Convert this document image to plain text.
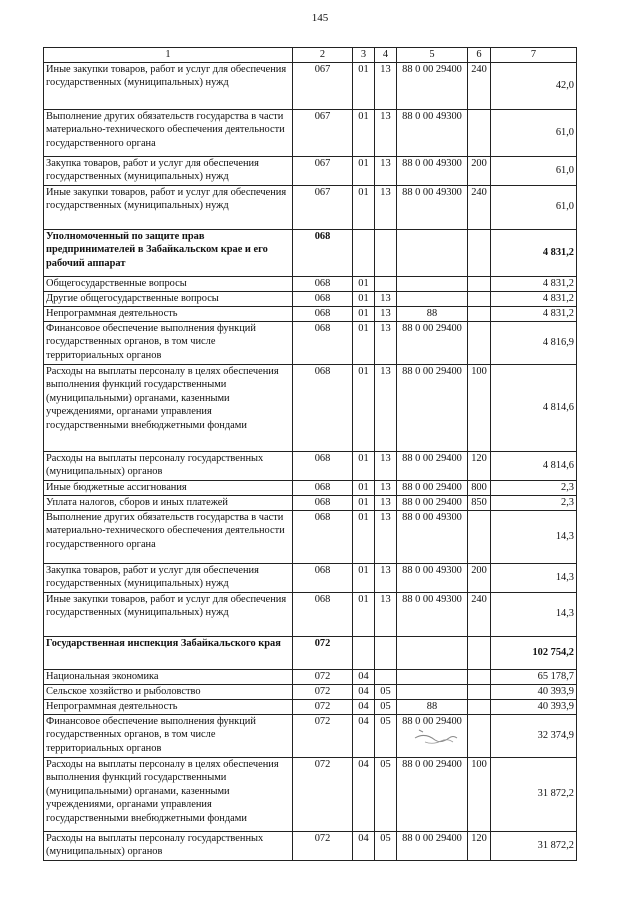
145
1	2	3	4	5	6	7
Иные закупки товаров, работ и услуг для обеспечения государственных (муниципальных) нужд	067	01	13	88 0 00 29400	240	42,0
Выполнение других обязательств государства в части материально-технического обеспечения деятельности государственного органа	067	01	13	88 0 00 49300		61,0
Закупка товаров, работ и услуг для обеспечения государственных (муниципальных) нужд	067	01	13	88 0 00 49300	200	61,0
Иные закупки товаров, работ и услуг для обеспечения государственных (муниципальных) нужд	067	01	13	88 0 00 49300	240	61,0
Уполномоченный по защите прав предпринимателей в Забайкальском крае и его рабочий аппарат	068					4 831,2
Общегосударственные вопросы	068	01				4 831,2
Другие общегосударственные вопросы	068	01	13			4 831,2
Непрограммная деятельность	068	01	13	88		4 831,2
Финансовое обеспечение выполнения функций государственных органов, в том числе территориальных органов	068	01	13	88 0 00 29400		4 816,9
Расходы на выплаты персоналу в целях обеспечения выполнения функций государственными (муниципальными) органами, казенными учреждениями, органами управления государственными внебюджетными фондами	068	01	13	88 0 00 29400	100	4 814,6
Расходы на выплаты персоналу государственных (муниципальных) органов	068	01	13	88 0 00 29400	120	4 814,6
Иные бюджетные ассигнования	068	01	13	88 0 00 29400	800	2,3
Уплата налогов, сборов и иных платежей	068	01	13	88 0 00 29400	850	2,3
Выполнение других обязательств государства в части материально-технического обеспечения деятельности государственного органа	068	01	13	88 0 00 49300		14,3
Закупка товаров, работ и услуг для обеспечения государственных (муниципальных) нужд	068	01	13	88 0 00 49300	200	14,3
Иные закупки товаров, работ и услуг для обеспечения государственных (муниципальных) нужд	068	01	13	88 0 00 49300	240	14,3
Государственная инспекция Забайкальского края	072					102 754,2
Национальная экономика	072	04				65 178,7
Сельское хозяйство и рыболовство	072	04	05			40 393,9
Непрограммная деятельность	072	04	05	88		40 393,9
Финансовое обеспечение выполнения функций государственных органов, в том числе территориальных органов	072	04	05	88 0 00 29400		32 374,9
Расходы на выплаты персоналу в целях обеспечения выполнения функций государственными (муниципальными) органами, казенными учреждениями, органами управления государственными внебюджетными фондами	072	04	05	88 0 00 29400	100	31 872,2
Расходы на выплаты персоналу государственных (муниципальных) органов	072	04	05	88 0 00 29400	120	31 872,2
